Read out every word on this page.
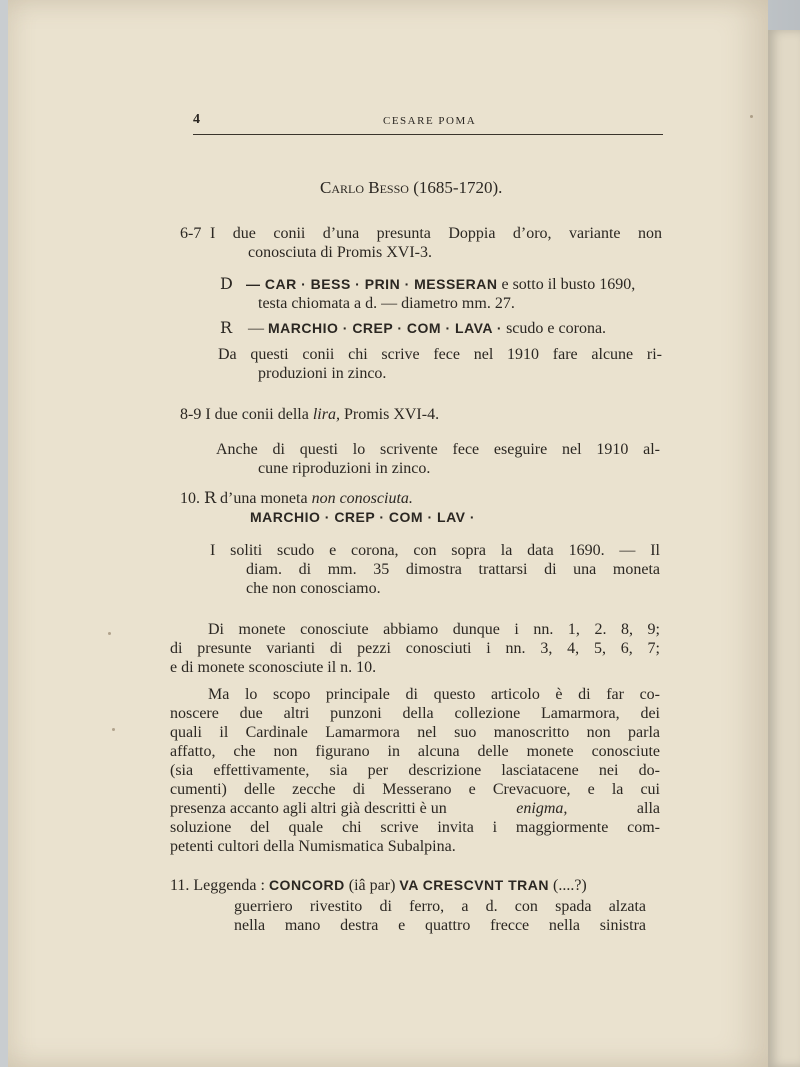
4	CESARE POMA
Carlo Besso (1685-1720).
6-7 I due conii d’una presunta Doppia d’oro, variante non
conosciuta di Promis XVI-3.
D — CAR · BESS · PRIN · MESSERAN e sotto il busto 1690,
testa chiomata a d. — diametro mm. 27.
R — MARCHIO · CREP · COM · LAVA · scudo e corona.
Da questi conii chi scrive fece nel 1910 fare alcune ri-
produzioni in zinco.
8-9 I due conii della lira, Promis XVI-4.
Anche di questi lo scrivente fece eseguire nel 1910 al-
cune riproduzioni in zinco.
10. R d’una moneta non conosciuta.
MARCHIO · CREP · COM · LAV ·
I soliti scudo e corona, con sopra la data 1690. — Il
diam. di mm. 35 dimostra trattarsi di una moneta
che non conosciamo.
Di monete conosciute abbiamo dunque i nn. 1, 2. 8, 9;
di presunte varianti di pezzi conosciuti i nn. 3, 4, 5, 6, 7;
e di monete sconosciute il n. 10.
Ma lo scopo principale di questo articolo è di far co-
noscere due altri punzoni della collezione Lamarmora, dei
quali il Cardinale Lamarmora nel suo manoscritto non parla
affatto, che non figurano in alcuna delle monete conosciute
(sia effettivamente, sia per descrizione lasciatacene nei do-
cumenti) delle zecche di Messerano e Crevacuore, e la cui
presenza accanto agli altri già descritti è un	enigma,	alla
soluzione del quale chi scrive invita i maggiormente com-
petenti cultori della Numismatica Subalpina.
11. Leggenda : CONCORD (iâ par) VA CRESCVNT TRAN (....?)
guerriero rivestito di ferro, a d. con spada alzata
nella mano destra e quattro frecce nella sinistra
